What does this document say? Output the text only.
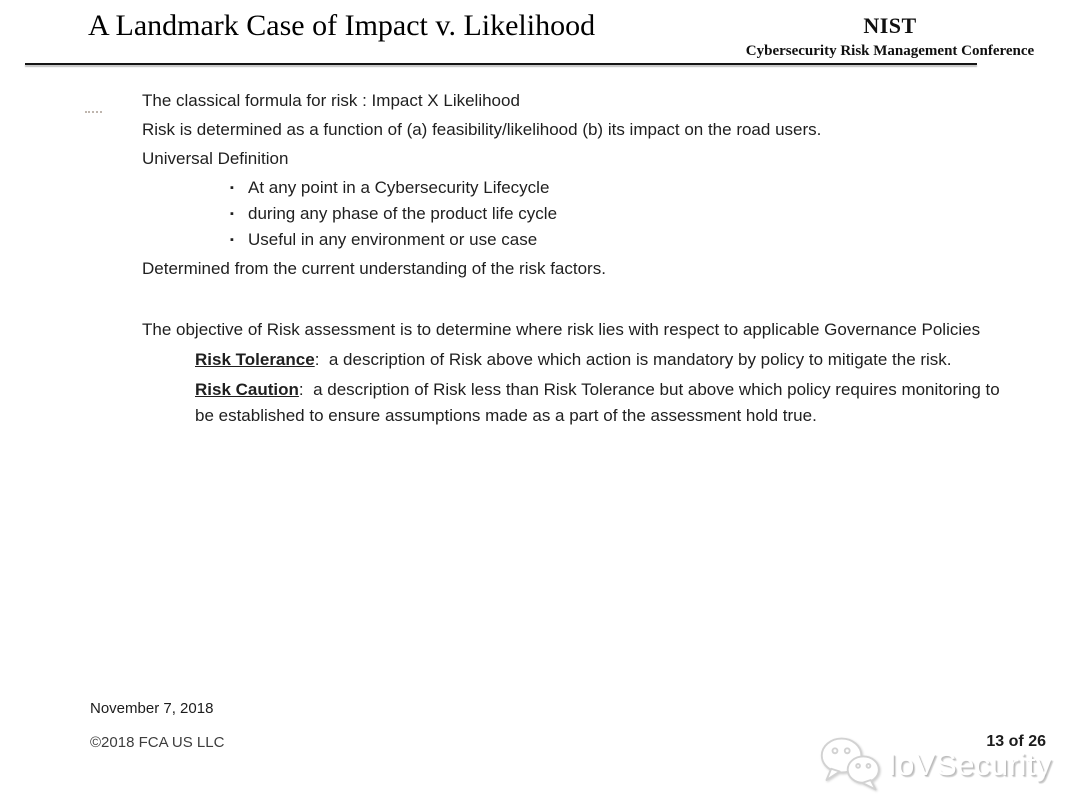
A Landmark Case of Impact v. Likelihood	NIST
Cybersecurity Risk Management Conference

The classical formula for risk : Impact X Likelihood

Risk is determined as a function of (a) feasibility/likelihood (b) its impact on the road users.

Universal Definition

▪ At any point in a Cybersecurity Lifecycle
▪ during any phase of the product life cycle
▪ Useful in any environment or use case

Determined from the current understanding of the risk factors.

The objective of Risk assessment is to determine where risk lies with respect to applicable Governance Policies

Risk Tolerance:  a description of Risk above which action is mandatory by policy to mitigate the risk.

Risk Caution:  a description of Risk less than Risk Tolerance but above which policy requires monitoring to be established to ensure assumptions made as a part of the assessment hold true.

November 7, 2018
©2018 FCA US LLC	13 of 26
IoVSecurity
